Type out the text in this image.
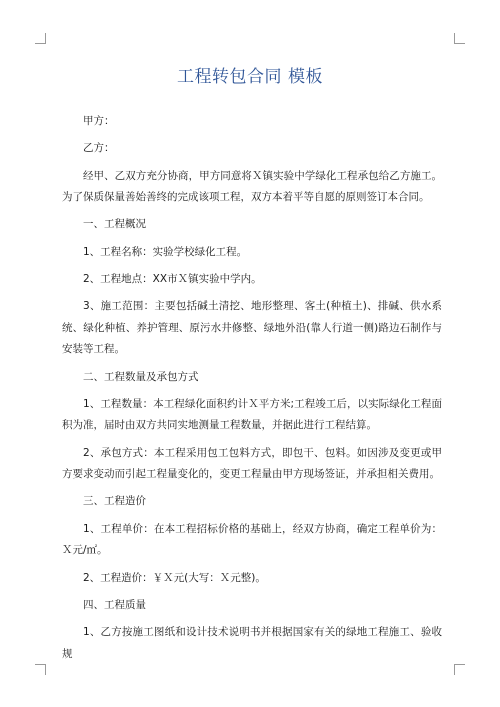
工程转包合同 模板

甲方：

乙方：

经甲、乙双方充分协商，甲方同意将Ｘ镇实验中学绿化工程承包给乙方施工。为了保质保量善始善终的完成该项工程，双方本着平等自愿的原则签订本合同。

一、工程概况

1、工程名称：实验学校绿化工程。

2、工程地点：XX市Ｘ镇实验中学内。

3、施工范围：主要包括碱土清挖、地形整理、客土(种植土)、排碱、供水系统、绿化种植、养护管理、原污水井修整、绿地外沿(靠人行道一侧)路边石制作与安装等工程。

二、工程数量及承包方式

1、工程数量：本工程绿化面积约计Ｘ平方米;工程竣工后，以实际绿化工程面积为准，届时由双方共同实地测量工程数量，并据此进行工程结算。

2、承包方式：本工程采用包工包料方式，即包干、包料。如因涉及变更或甲方要求变动而引起工程量变化的，变更工程量由甲方现场签证，并承担相关费用。

三、工程造价

1、工程单价：在本工程招标价格的基础上，经双方协商，确定工程单价为：Ｘ元/㎡。

2、工程造价：￥Ｘ元(大写：Ｘ元整)。

四、工程质量

1、乙方按施工图纸和设计技术说明书并根据国家有关的绿地工程施工、验收规
